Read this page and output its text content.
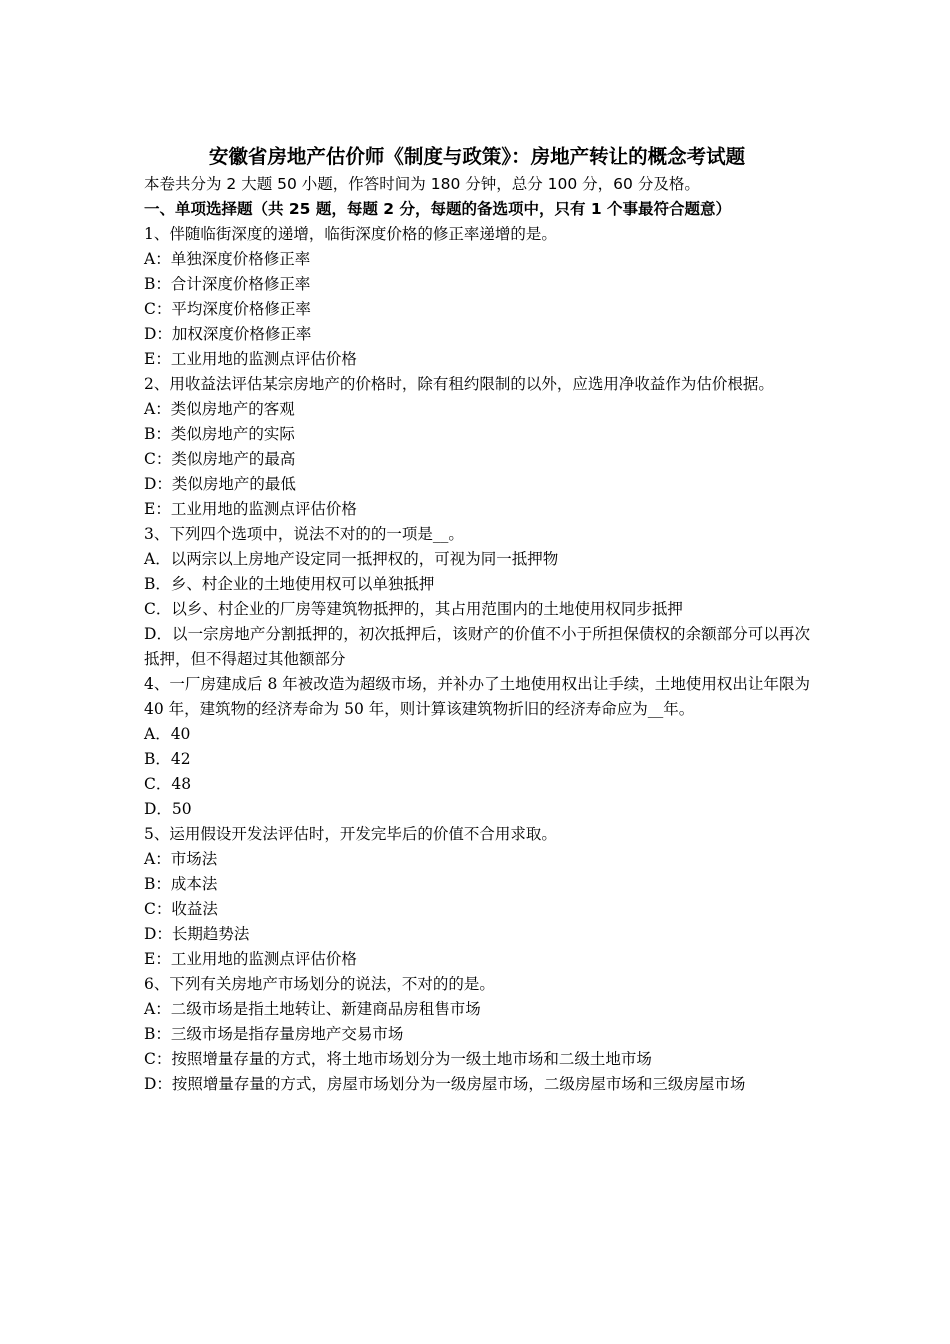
安徽省房地产估价师《制度与政策》：房地产转让的概念考试题
本卷共分为 2 大题 50 小题，作答时间为 180 分钟，总分 100 分，60 分及格。
一、单项选择题（共 25 题，每题 2 分，每题的备选项中，只有 1 个事最符合题意）
1、伴随临街深度的递增，临街深度价格的修正率递增的是。
A：单独深度价格修正率
B：合计深度价格修正率
C：平均深度价格修正率
D：加权深度价格修正率
E：工业用地的监测点评估价格
2、用收益法评估某宗房地产的价格时，除有租约限制的以外，应选用净收益作为估价根据。
A：类似房地产的客观
B：类似房地产的实际
C：类似房地产的最高
D：类似房地产的最低
E：工业用地的监测点评估价格
3、下列四个选项中，说法不对的的一项是__。
A．以两宗以上房地产设定同一抵押权的，可视为同一抵押物
B．乡、村企业的土地使用权可以单独抵押
C．以乡、村企业的厂房等建筑物抵押的，其占用范围内的土地使用权同步抵押
D．以一宗房地产分割抵押的，初次抵押后，该财产的价值不小于所担保债权的余额部分可以再次抵押，但不得超过其他额部分
4、一厂房建成后 8 年被改造为超级市场，并补办了土地使用权出让手续，土地使用权出让年限为 40 年，建筑物的经济寿命为 50 年，则计算该建筑物折旧的经济寿命应为__年。
A．40
B．42
C．48
D．50
5、运用假设开发法评估时，开发完毕后的价值不合用求取。
A：市场法
B：成本法
C：收益法
D：长期趋势法
E：工业用地的监测点评估价格
6、下列有关房地产市场划分的说法，不对的的是。
A：二级市场是指土地转让、新建商品房租售市场
B：三级市场是指存量房地产交易市场
C：按照增量存量的方式，将土地市场划分为一级土地市场和二级土地市场
D：按照增量存量的方式，房屋市场划分为一级房屋市场，二级房屋市场和三级房屋市场
